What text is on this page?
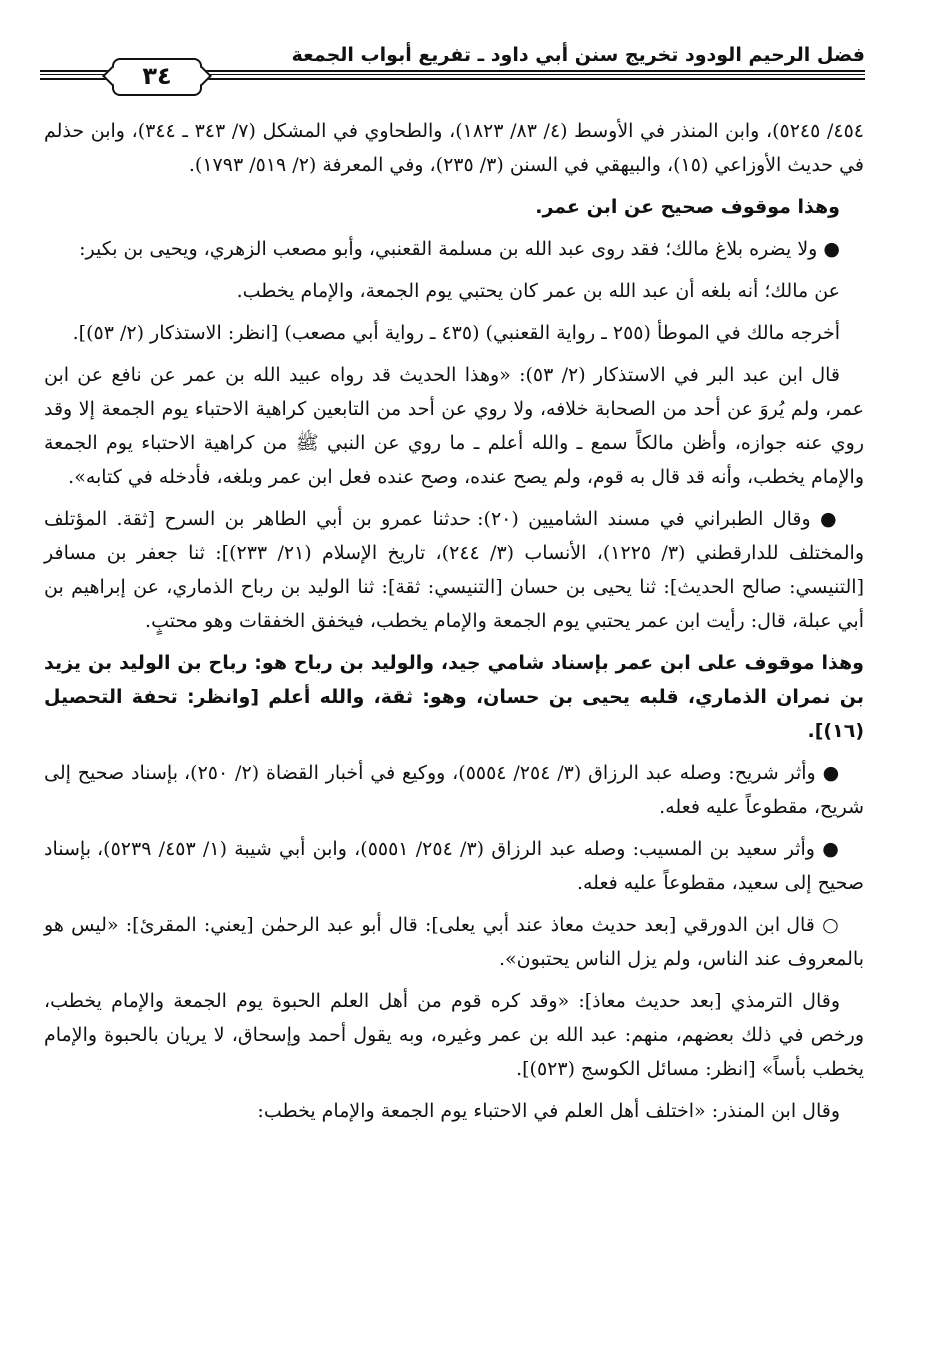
فضل الرحيم الودود تخريج سنن أبي داود ـ تفريع أبواب الجمعة
٣٤

٤٥٤/ ٥٢٤٥)، وابن المنذر في الأوسط (٤/ ٨٣/ ١٨٢٣)، والطحاوي في المشكل (٧/ ٣٤٣ ـ ٣٤٤)، وابن حذلم في حديث الأوزاعي (١٥)، والبيهقي في السنن (٣/ ٢٣٥)، وفي المعرفة (٢/ ٥١٩/ ١٧٩٣).

وهذا موقوف صحيح عن ابن عمر.

● ولا يضره بلاغ مالك؛ فقد روى عبد الله بن مسلمة القعنبي، وأبو مصعب الزهري، ويحيى بن بكير:

عن مالك؛ أنه بلغه أن عبد الله بن عمر كان يحتبي يوم الجمعة، والإمام يخطب.

أخرجه مالك في الموطأ (٢٥٥ ـ رواية القعنبي) (٤٣٥ ـ رواية أبي مصعب) [انظر: الاستذكار (٢/ ٥٣)].

قال ابن عبد البر في الاستذكار (٢/ ٥٣): «وهذا الحديث قد رواه عبيد الله بن عمر عن نافع عن ابن عمر، ولم يُروَ عن أحد من الصحابة خلافه، ولا روي عن أحد من التابعين كراهية الاحتباء يوم الجمعة إلا وقد روي عنه جوازه، وأظن مالكاً سمع ـ والله أعلم ـ ما روي عن النبي ﷺ من كراهية الاحتباء يوم الجمعة والإمام يخطب، وأنه قد قال به قوم، ولم يصح عنده، وصح عنده فعل ابن عمر وبلغه، فأدخله في كتابه».

● وقال الطبراني في مسند الشاميين (٢٠): حدثنا عمرو بن أبي الطاهر بن السرح [ثقة. المؤتلف والمختلف للدارقطني (٣/ ١٢٢٥)، الأنساب (٣/ ٢٤٤)، تاريخ الإسلام (٢١/ ٢٣٣)]: ثنا جعفر بن مسافر [التنيسي: صالح الحديث]: ثنا يحيى بن حسان [التنيسي: ثقة]: ثنا الوليد بن رباح الذماري، عن إبراهيم بن أبي عبلة، قال: رأيت ابن عمر يحتبي يوم الجمعة والإمام يخطب، فيخفق الخفقات وهو محتبٍ.

وهذا موقوف على ابن عمر بإسناد شامي جيد، والوليد بن رباح هو: رباح بن الوليد بن يزيد بن نمران الذماري، قلبه يحيى بن حسان، وهو: ثقة، والله أعلم [وانظر: تحفة التحصيل (١٦)].

● وأثر شريح: وصله عبد الرزاق (٣/ ٢٥٤/ ٥٥٥٤)، ووكيع في أخبار القضاة (٢/ ٢٥٠)، بإسناد صحيح إلى شريح، مقطوعاً عليه فعله.

● وأثر سعيد بن المسيب: وصله عبد الرزاق (٣/ ٢٥٤/ ٥٥٥١)، وابن أبي شيبة (١/ ٤٥٣/ ٥٢٣٩)، بإسناد صحيح إلى سعيد، مقطوعاً عليه فعله.

○ قال ابن الدورقي [بعد حديث معاذ عند أبي يعلى]: قال أبو عبد الرحمٰن [يعني: المقرئ]: «ليس هو بالمعروف عند الناس، ولم يزل الناس يحتبون».

وقال الترمذي [بعد حديث معاذ]: «وقد كره قوم من أهل العلم الحبوة يوم الجمعة والإمام يخطب، ورخص في ذلك بعضهم، منهم: عبد الله بن عمر وغيره، وبه يقول أحمد وإسحاق، لا يريان بالحبوة والإمام يخطب بأساً» [انظر: مسائل الكوسج (٥٢٣)].

وقال ابن المنذر: «اختلف أهل العلم في الاحتباء يوم الجمعة والإمام يخطب:
